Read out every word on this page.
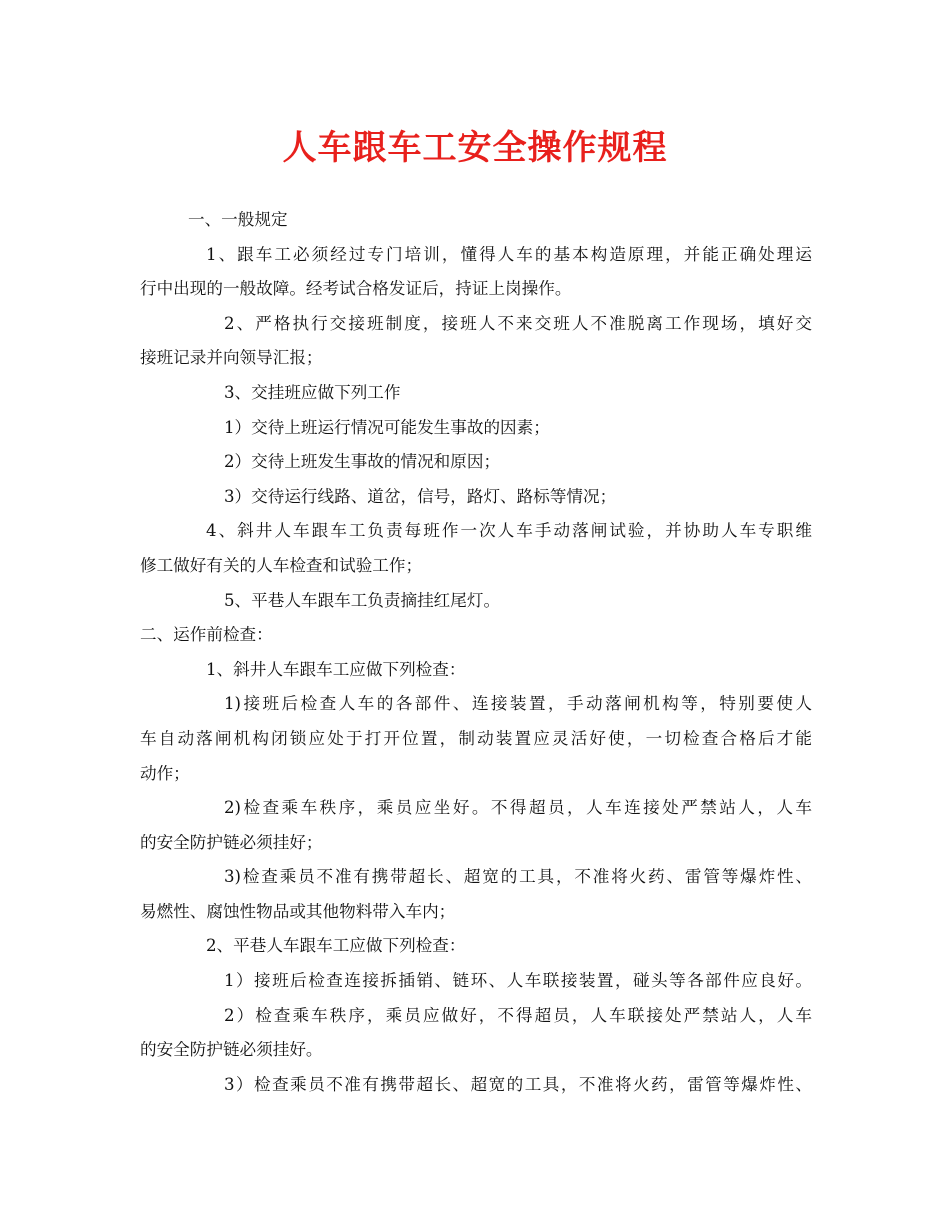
人车跟车工安全操作规程
一、一般规定
1、跟车工必须经过专门培训，懂得人车的基本构造原理，并能正确处理运
行中出现的一般故障。经考试合格发证后，持证上岗操作。
2、严格执行交接班制度，接班人不来交班人不准脱离工作现场，填好交
接班记录并向领导汇报；
3、交挂班应做下列工作
1）交待上班运行情况可能发生事故的因素；
2）交待上班发生事故的情况和原因；
3）交待运行线路、道岔，信号，路灯、路标等情况；
4、斜井人车跟车工负责每班作一次人车手动落闸试验，并协助人车专职维
修工做好有关的人车检查和试验工作；
5、平巷人车跟车工负责摘挂红尾灯。
二、运作前检查：
1、斜井人车跟车工应做下列检查：
1)接班后检查人车的各部件、连接装置，手动落闸机构等，特别要使人
车自动落闸机构闭锁应处于打开位置，制动装置应灵活好使，一切检查合格后才能
动作；
2)检查乘车秩序，乘员应坐好。不得超员，人车连接处严禁站人，人车
的安全防护链必须挂好；
3)检查乘员不准有携带超长、超宽的工具，不准将火药、雷管等爆炸性、
易燃性、腐蚀性物品或其他物料带入车内；
2、平巷人车跟车工应做下列检查：
1）接班后检查连接拆插销、链环、人车联接装置，碰头等各部件应良好。
2）检查乘车秩序，乘员应做好，不得超员，人车联接处严禁站人，人车
的安全防护链必须挂好。
3）检查乘员不准有携带超长、超宽的工具，不准将火药，雷管等爆炸性、
